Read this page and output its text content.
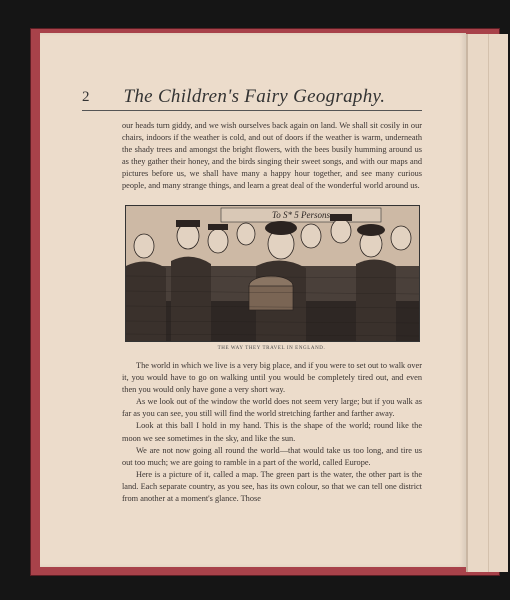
2 The Children's Fairy Geography.

our heads turn giddy, and we wish ourselves back again on land. We shall sit cosily in our chairs, indoors if the weather is cold, and out of doors if the weather is warm, underneath the shady trees and amongst the bright flowers, with the bees busily humming around us as they gather their honey, and the birds singing their sweet songs, and with our maps and pictures before us, we shall have many a happy hour together, and see many curious people, and many strange things, and learn a great deal of the wonderful world around us.

To S* 5 Persons
THE WAY THEY TRAVEL IN ENGLAND.

The world in which we live is a very big place, and if you were to set out to walk over it, you would have to go on walking until you would be completely tired out, and even then you would only have gone a very short way.

As we look out of the window the world does not seem very large; but if you walk as far as you can see, you still will find the world stretching farther and farther away.

Look at this ball I hold in my hand. This is the shape of the world; round like the moon we see sometimes in the sky, and like the sun.

We are not now going all round the world—that would take us too long, and tire us out too much; we are going to ramble in a part of the world, called Europe.

Here is a picture of it, called a map. The green part is the water, the other part is the land. Each separate country, as you see, has its own colour, so that we can tell one district from another at a moment's glance. Those
